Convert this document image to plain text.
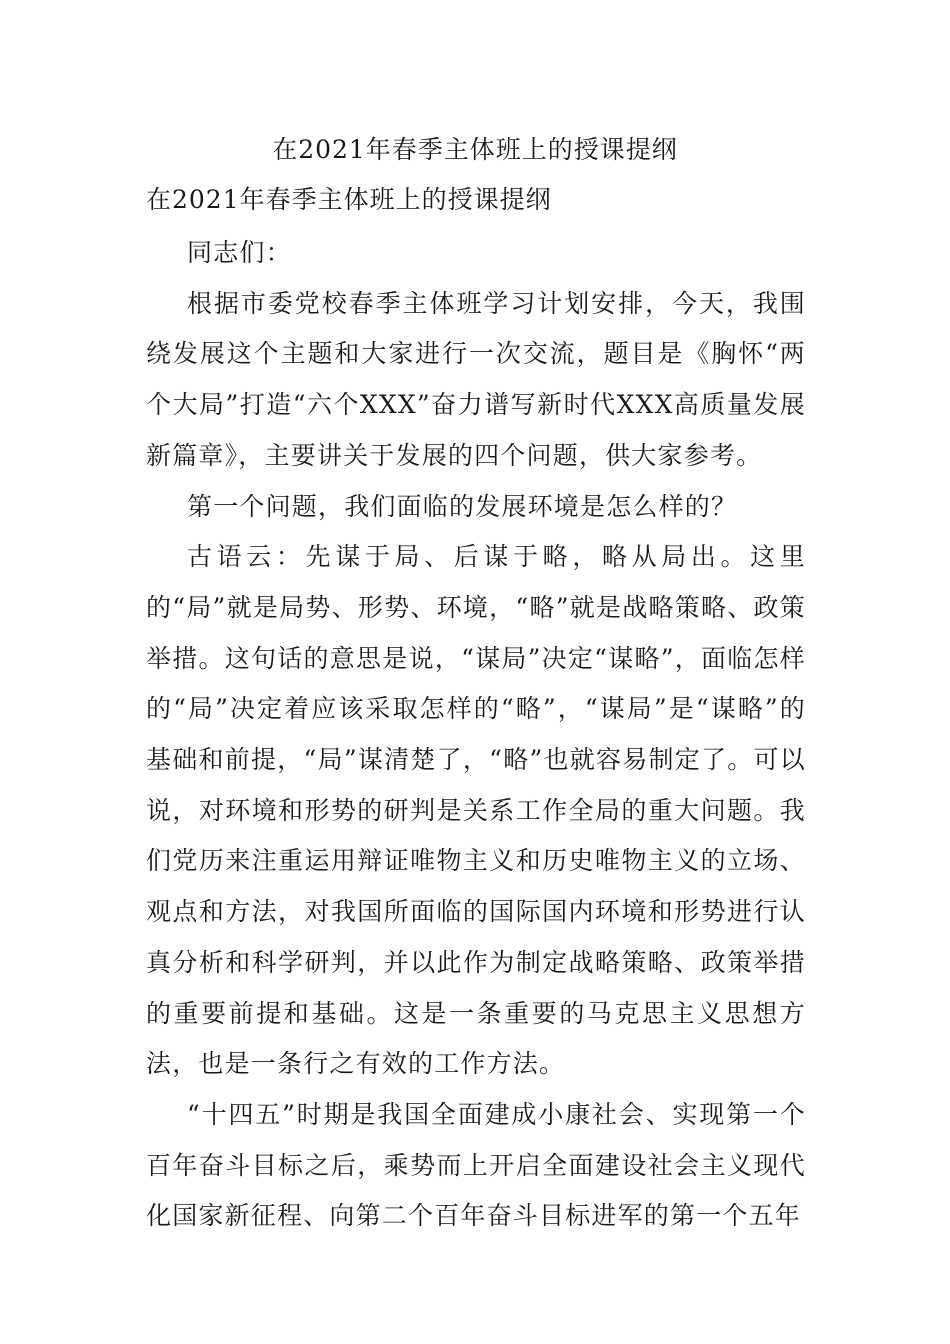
在2021年春季主体班上的授课提纲
在2021年春季主体班上的授课提纲

同志们：

根据市委党校春季主体班学习计划安排，今天，我围绕发展这个主题和大家进行一次交流，题目是《胸怀“两个大局”打造“六个XXX”奋力谱写新时代XXX高质量发展新篇章》，主要讲关于发展的四个问题，供大家参考。

第一个问题，我们面临的发展环境是怎么样的？

古语云：先谋于局、后谋于略，略从局出。这里的“局”就是局势、形势、环境，“略”就是战略策略、政策举措。这句话的意思是说，“谋局”决定“谋略”，面临怎样的“局”决定着应该采取怎样的“略”，“谋局”是“谋略”的基础和前提，“局”谋清楚了，“略”也就容易制定了。可以说，对环境和形势的研判是关系工作全局的重大问题。我们党历来注重运用辩证唯物主义和历史唯物主义的立场、观点和方法，对我国所面临的国际国内环境和形势进行认真分析和科学研判，并以此作为制定战略策略、政策举措的重要前提和基础。这是一条重要的马克思主义思想方法，也是一条行之有效的工作方法。

“十四五”时期是我国全面建成小康社会、实现第一个百年奋斗目标之后，乘势而上开启全面建设社会主义现代化国家新征程、向第二个百年奋斗目标进军的第一个五年
